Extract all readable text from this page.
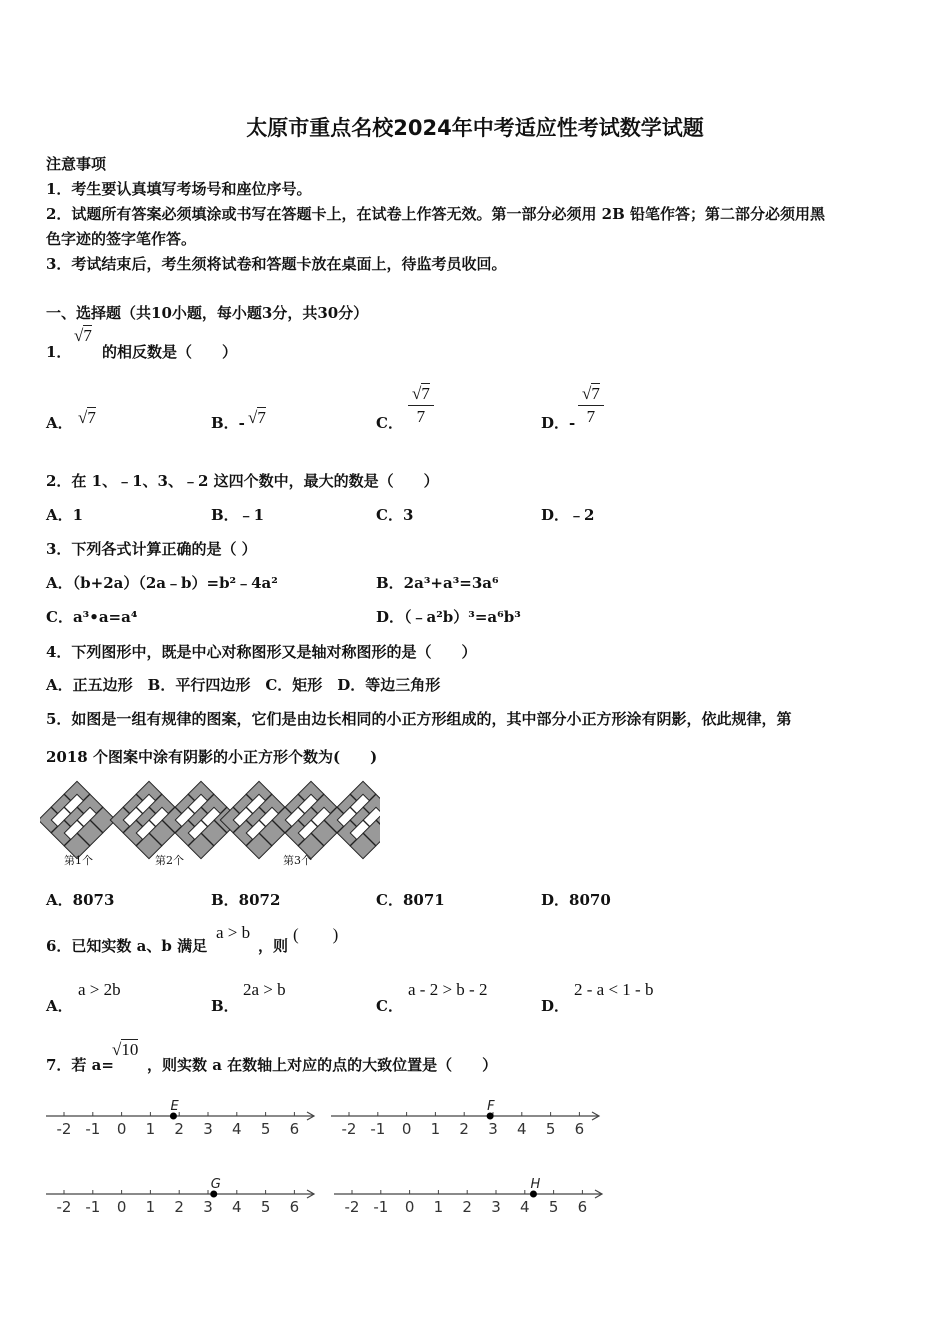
太原市重点名校2024年中考适应性考试数学试题
注意事项
1．考生要认真填写考场号和座位序号。
2．试题所有答案必须填涂或书写在答题卡上，在试卷上作答无效。第一部分必须用 2B 铅笔作答；第二部分必须用黑
色字迹的签字笔作答。
3．考试结束后，考生须将试卷和答题卡放在桌面上，待监考员收回。
一、选择题（共10小题，每小题3分，共30分）
1．
√7
的相反数是（　　）
A． √7	B．- √7	C． $\frac{√7}{7}$	D．- $\frac{√7}{7}$
2．在 1、﹣1、3、﹣2 这四个数中，最大的数是（　　）
A．1	B．﹣1	C．3	D．﹣2
3．下列各式计算正确的是（ ）
A．（b+2a）（2a﹣b）=b²﹣4a²	B．2a³+a³=3a⁶
C．a³•a=a⁴	D．（﹣a²b）³=a⁶b³
4．下列图形中，既是中心对称图形又是轴对称图形的是（　　）
A．正五边形　B．平行四边形　C．矩形　D．等边三角形
5．如图是一组有规律的图案，它们是由边长相同的小正方形组成的，其中部分小正方形涂有阴影，依此规律，第
2018 个图案中涂有阴影的小正方形个数为(　　)
第1个	第2个	第3个
A．8073	B．8072	C．8071	D．8070
6．已知实数 a、b 满足
a > b
，则
(　　)
A．
a > 2b
B．
2a > b
C．
a - 2 > b - 2
D．
2 - a < 1 - b
7．若 a=
√10
，则实数 a 在数轴上对应的点的大致位置是（　　）
-2 -1 0 1 2 3 4 5 6
E
-2 -1 0 1 2 3 4 5 6
F
-2 -1 0 1 2 3 4 5 6
G
-2 -1 0 1 2 3 4 5 6
H
